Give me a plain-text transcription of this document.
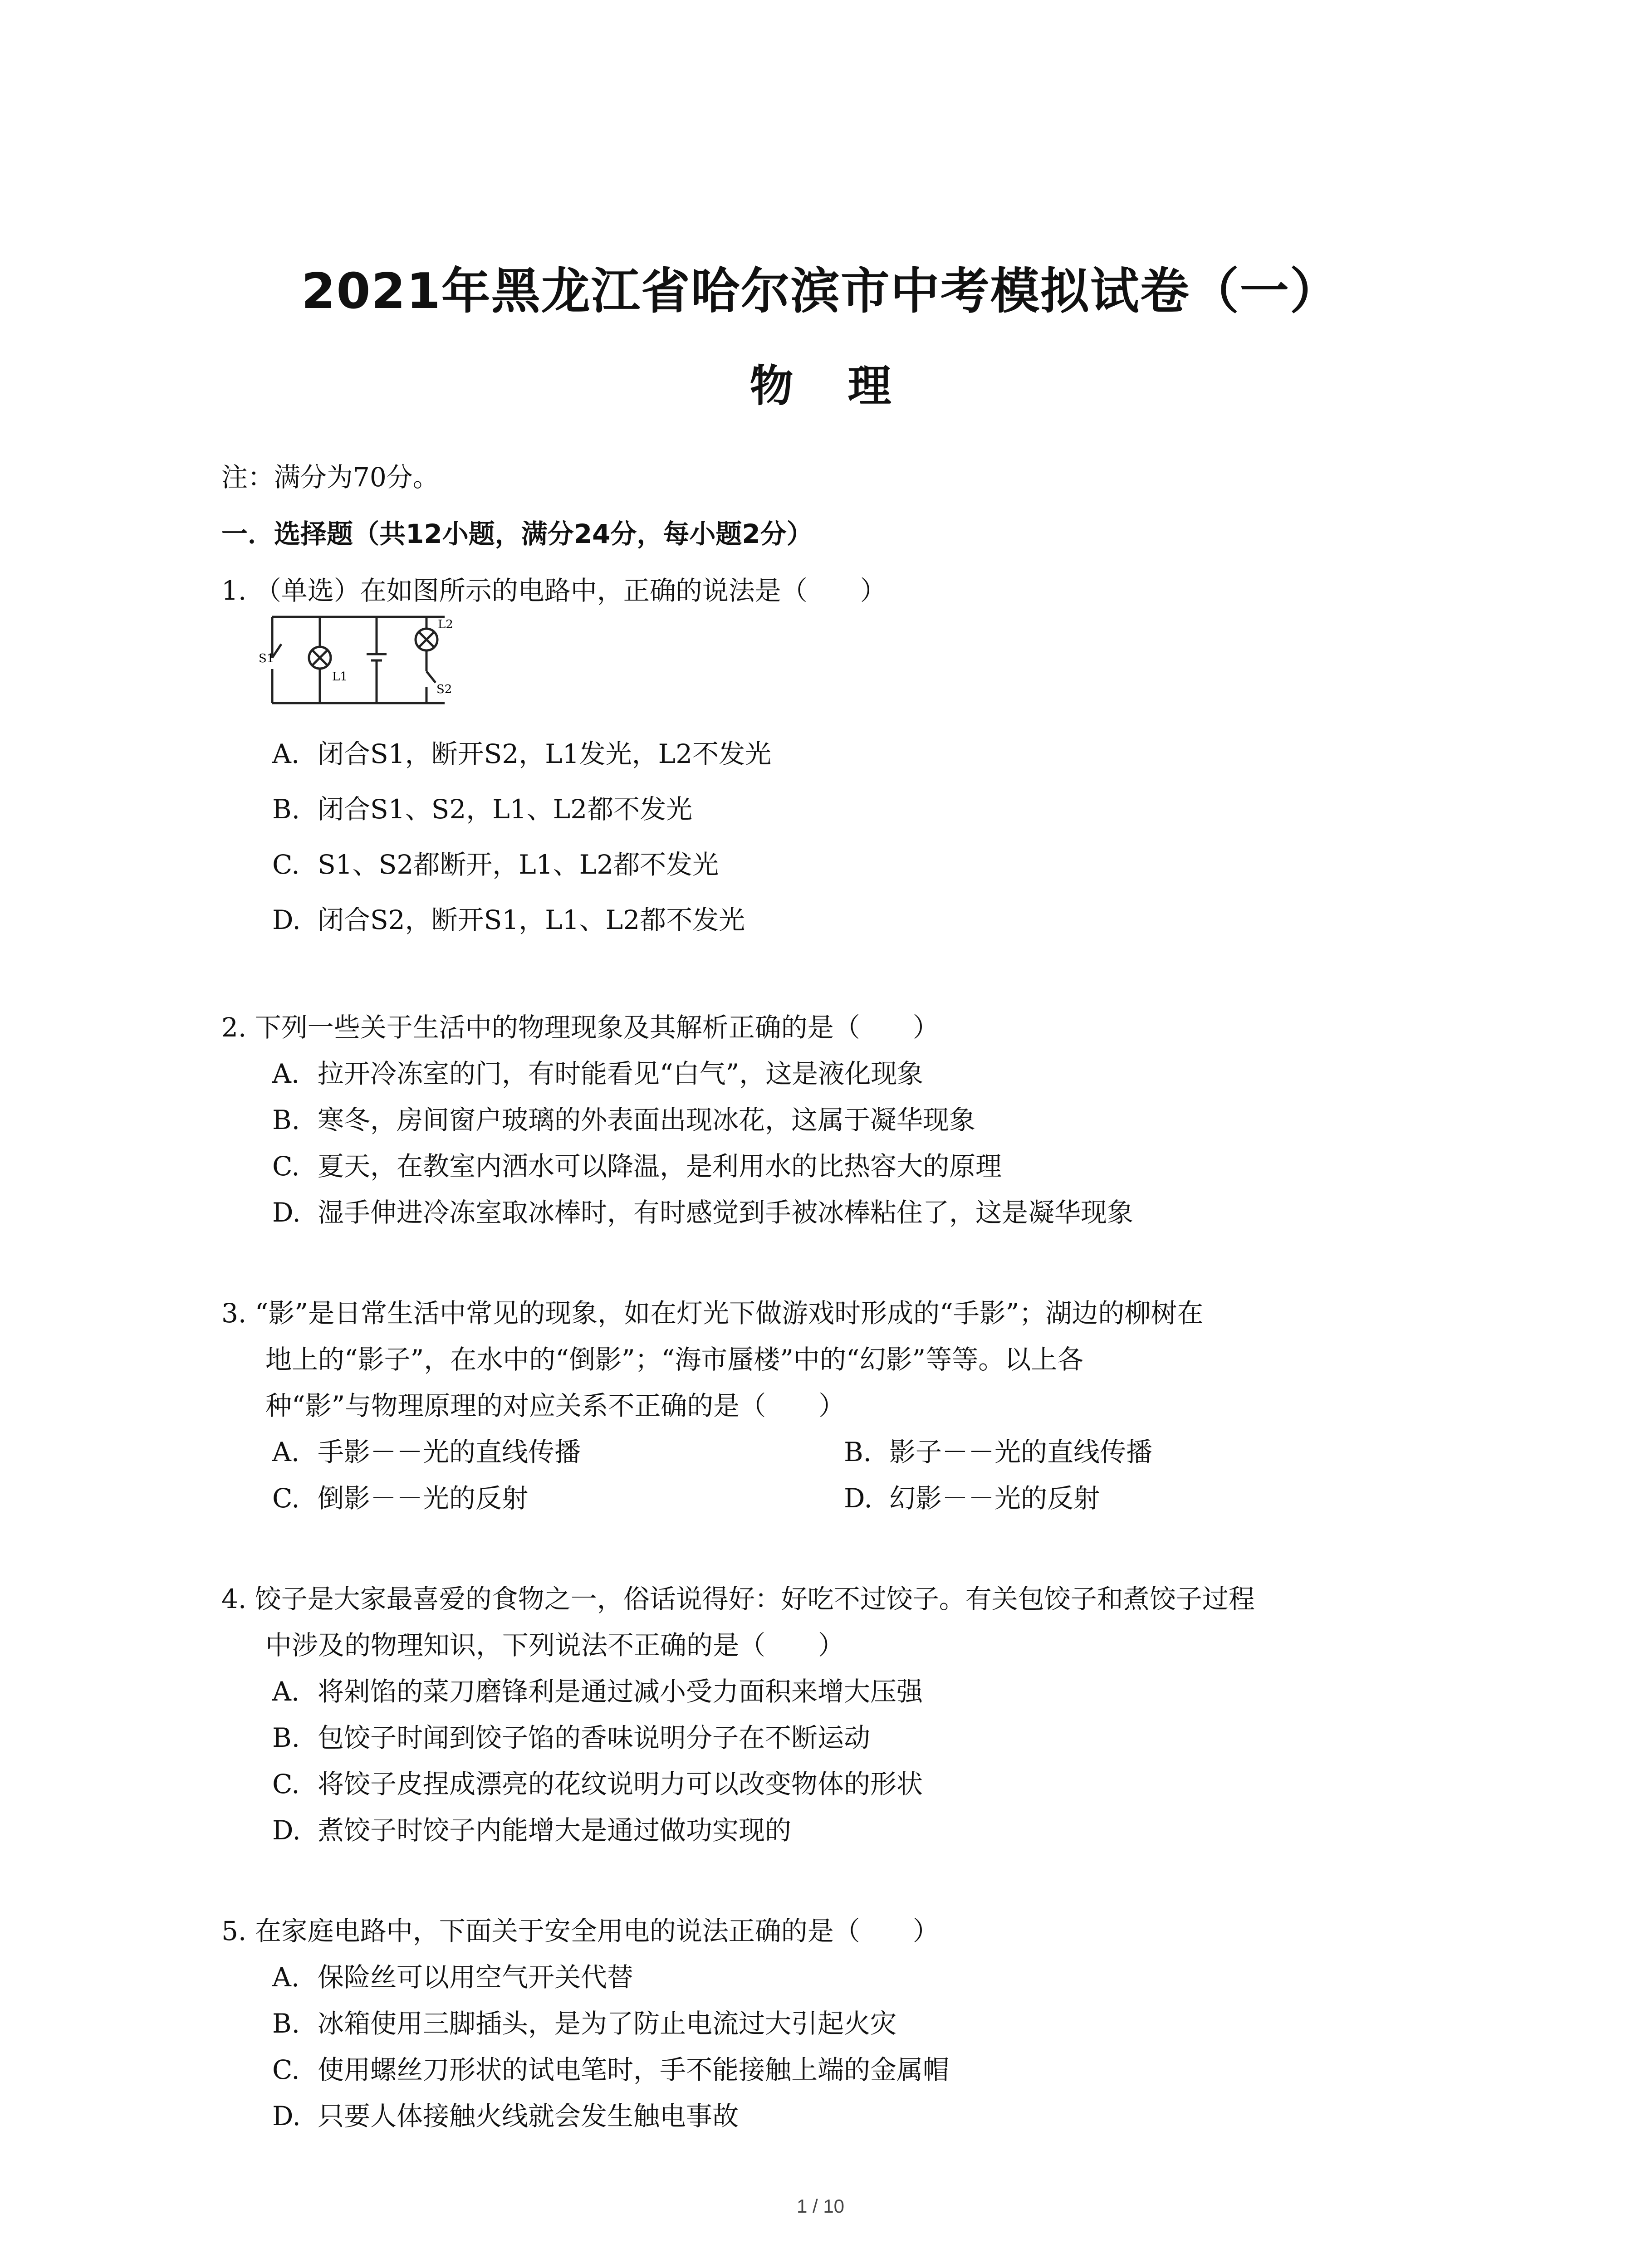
2021年黑龙江省哈尔滨市中考模拟试卷（一）
物 理
注：满分为70分。
一．选择题（共12小题，满分24分，每小题2分）
1. （单选）在如图所示的电路中，正确的说法是（　　）
S1
L1
L2
S2
A. 闭合S1，断开S2，L1发光，L2不发光
B. 闭合S1、S2，L1、L2都不发光
C. S1、S2都断开，L1、L2都不发光
D. 闭合S2，断开S1，L1、L2都不发光
2. 下列一些关于生活中的物理现象及其解析正确的是（　　）
A. 拉开冷冻室的门，有时能看见“白气”，这是液化现象
B. 寒冬，房间窗户玻璃的外表面出现冰花，这属于凝华现象
C. 夏天，在教室内洒水可以降温，是利用水的比热容大的原理
D. 湿手伸进冷冻室取冰棒时，有时感觉到手被冰棒粘住了，这是凝华现象
3. “影”是日常生活中常见的现象，如在灯光下做游戏时形成的“手影”；湖边的柳树在
地上的“影子”，在水中的“倒影”；“海市蜃楼”中的“幻影”等等。以上各
种“影”与物理原理的对应关系不正确的是（　　）
A. 手影－－光的直线传播	B. 影子－－光的直线传播
C. 倒影－－光的反射	D. 幻影－－光的反射
4. 饺子是大家最喜爱的食物之一，俗话说得好：好吃不过饺子。有关包饺子和煮饺子过程
中涉及的物理知识，下列说法不正确的是（　　）
A. 将剁馅的菜刀磨锋利是通过减小受力面积来增大压强
B. 包饺子时闻到饺子馅的香味说明分子在不断运动
C. 将饺子皮捏成漂亮的花纹说明力可以改变物体的形状
D. 煮饺子时饺子内能增大是通过做功实现的
5. 在家庭电路中，下面关于安全用电的说法正确的是（　　）
A. 保险丝可以用空气开关代替
B. 冰箱使用三脚插头，是为了防止电流过大引起火灾
C. 使用螺丝刀形状的试电笔时，手不能接触上端的金属帽
D. 只要人体接触火线就会发生触电事故
1 / 10
